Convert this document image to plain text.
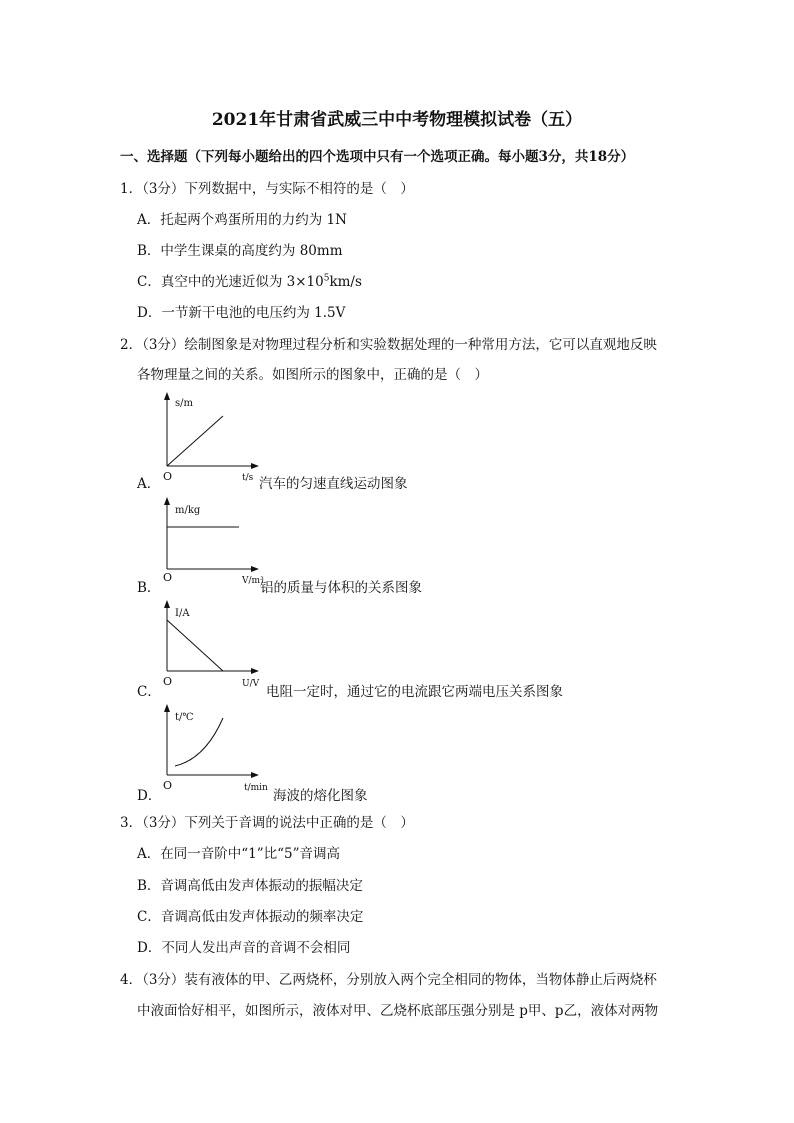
2021年甘肃省武威三中中考物理模拟试卷（五）
一、选择题（下列每小题给出的四个选项中只有一个选项正确。每小题3分，共18分）
1．（3分）下列数据中，与实际不相符的是（　）
A．托起两个鸡蛋所用的力约为 1N
B．中学生课桌的高度约为 80mm
C．真空中的光速近似为 $3\times 10^5km/s$
D．一节新干电池的电压约为 1.5V
2．（3分）绘制图象是对物理过程分析和实验数据处理的一种常用方法，它可以直观地反映
各物理量之间的关系。如图所示的图象中，正确的是（　）
A．
s/m
O	t/s 汽车的匀速直线运动图象
B．
m/kg
O	V/m³
铝的质量与体积的关系图象
C．
I/A
O	U/V 电阻一定时，通过它的电流跟它两端电压关系图象
D．
t/℃
O	t/min 海波的熔化图象
3．（3分）下列关于音调的说法中正确的是（　）
A．在同一音阶中“1”比“5”音调高
B．音调高低由发声体振动的振幅决定
C．音调高低由发声体振动的频率决定
D．不同人发出声音的音调不会相同
4．（3分）装有液体的甲、乙两烧杯，分别放入两个完全相同的物体，当物体静止后两烧杯
中液面恰好相平，如图所示，液体对甲、乙烧杯底部压强分别是 p甲、p乙，液体对两物
